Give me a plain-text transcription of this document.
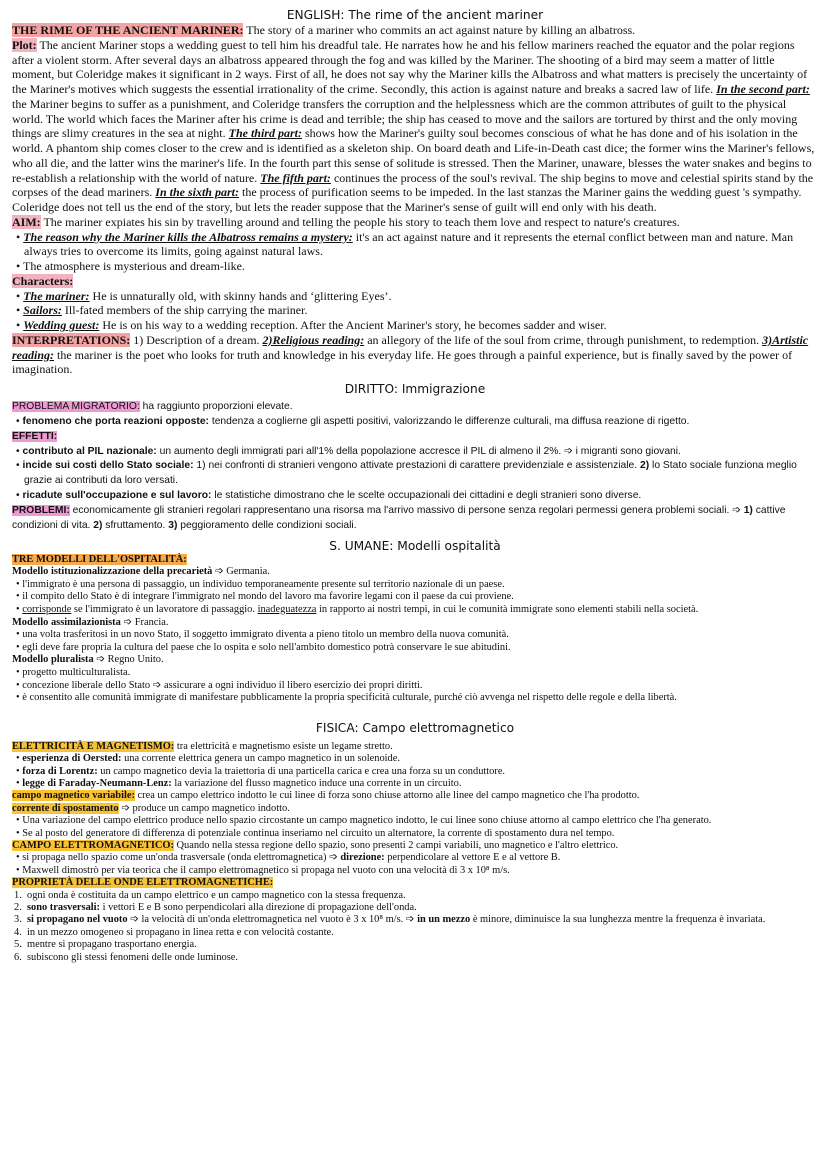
ENGLISH: The rime of the ancient mariner

THE RIME OF THE ANCIENT MARINER: The story of a mariner who commits an act against nature by killing an albatross.

Plot: The ancient Mariner stops a wedding guest to tell him his dreadful tale. He narrates how he and his fellow mariners reached the equator and the polar regions after a violent storm. After several days an albatross appeared through the fog and was killed by the Mariner. The shooting of a bird may seem a matter of little moment, but Coleridge makes it significant in 2 ways. First of all, he does not say why the Mariner kills the Albatross and what matters is precisely the uncertainty of the Mariner's motives which suggests the essential irrationality of the crime. Secondly, this action is against nature and breaks a sacred law of life. In the second part: the Mariner begins to suffer as a punishment, and Coleridge transfers the corruption and the helplessness which are the common attributes of guilt to the physical world. The world which faces the Mariner after his crime is dead and terrible; the ship has ceased to move and the sailors are tortured by thirst and the only moving things are slimy creatures in the sea at night. The third part: shows how the Mariner's guilty soul becomes conscious of what he has done and of his isolation in the world. A phantom ship comes closer to the crew and is identified as a skeleton ship. On board death and Life-in-Death cast dice; the former wins the Mariner's fellows, who all die, and the latter wins the mariner's life. In the fourth part this sense of solitude is stressed. Then the Mariner, unaware, blesses the water snakes and begins to re-establish a relationship with the world of nature. The fifth part: continues the process of the soul's revival. The ship begins to move and celestial spirits stand by the corpses of the dead mariners. In the sixth part: the process of purification seems to be impeded. In the last stanzas the Mariner gains the wedding guest 's sympathy. Coleridge does not tell us the end of the story, but lets the reader suppose that the Mariner's sense of guilt will end only with his death.

AIM: The mariner expiates his sin by travelling around and telling the people his story to teach them love and respect to nature's creatures.

• The reason why the Mariner kills the Albatross remains a mystery: it's an act against nature and it represents the eternal conflict between man and nature. Man always tries to overcome its limits, going against natural laws.

• The atmosphere is mysterious and dream-like.

Characters:

• The mariner: He is unnaturally old, with skinny hands and ‘glittering Eyes’.

• Sailors: Ill-fated members of the ship carrying the mariner.

• Wedding guest: He is on his way to a wedding reception. After the Ancient Mariner's story, he becomes sadder and wiser.

INTERPRETATIONS: 1) Description of a dream. 2)Religious reading: an allegory of the life of the soul from crime, through punishment, to redemption. 3)Artistic reading: the mariner is the poet who looks for truth and knowledge in his everyday life. He goes through a painful experience, but is finally saved by the power of imagination.

DIRITTO: Immigrazione

PROBLEMA MIGRATORIO: ha raggiunto proporzioni elevate.

• fenomeno che porta reazioni opposte: tendenza a coglierne gli aspetti positivi, valorizzando le differenze culturali, ma diffusa reazione di rigetto.

EFFETTI:

• contributo al PIL nazionale: un aumento degli immigrati pari all'1% della popolazione accresce il PIL di almeno il 2%. ➩ i migranti sono giovani.

• incide sui costi dello Stato sociale: 1) nei confronti di stranieri vengono attivate prestazioni di carattere previdenziale e assistenziale. 2) lo Stato sociale funziona meglio grazie ai contributi da loro versati.

• ricadute sull'occupazione e sul lavoro: le statistiche dimostrano che le scelte occupazionali dei cittadini e degli stranieri sono diverse.

PROBLEMI: economicamente gli stranieri regolari rappresentano una risorsa ma l'arrivo massivo di persone senza regolari permessi genera problemi sociali. ➩ 1) cattive condizioni di vita. 2) sfruttamento. 3) peggioramento delle condizioni sociali.

S. UMANE: Modelli ospitalità

TRE MODELLI DELL'OSPITALITÀ:

Modello istituzionalizzazione della precarietà ➩ Germania.

• l'immigrato è una persona di passaggio, un individuo temporaneamente presente sul territorio nazionale di un paese.

• il compito dello Stato è di integrare l'immigrato nel mondo del lavoro ma favorire legami con il paese da cui proviene.

• corrisponde se l'immigrato è un lavoratore di passaggio. inadeguatezza in rapporto ai nostri tempi, in cui le comunità immigrate sono elementi stabili nella società.

Modello assimilazionista ➩ Francia.

• una volta trasferitosi in un novo Stato, il soggetto immigrato diventa a pieno titolo un membro della nuova comunità.

• egli deve fare propria la cultura del paese che lo ospita e solo nell'ambito domestico potrà conservare le sue abitudini.

Modello pluralista ➩ Regno Unito.

• progetto multiculturalista.

• concezione liberale dello Stato ➩ assicurare a ogni individuo il libero esercizio dei propri diritti.

• è consentito alle comunità immigrate di manifestare pubblicamente la propria specificità culturale, purché ciò avvenga nel rispetto delle regole e della libertà.

FISICA: Campo elettromagnetico

ELETTRICITÀ E MAGNETISMO: tra elettricità e magnetismo esiste un legame stretto.

• esperienza di Oersted: una corrente elettrica genera un campo magnetico in un solenoide.

• forza di Lorentz: un campo magnetico devia la traiettoria di una particella carica e crea una forza su un conduttore.

• legge di Faraday-Neumann-Lenz: la variazione del flusso magnetico induce una corrente in un circuito.

campo magnetico variabile: crea un campo elettrico indotto le cui linee di forza sono chiuse attorno alle linee del campo magnetico che l'ha prodotto.

corrente di spostamento ➩ produce un campo magnetico indotto.

• Una variazione del campo elettrico produce nello spazio circostante un campo magnetico indotto, le cui linee sono chiuse attorno al campo elettrico che l'ha generato.

• Se al posto del generatore di differenza di potenziale continua inseriamo nel circuito un alternatore, la corrente di spostamento dura nel tempo.

CAMPO ELETTROMAGNETICO: Quando nella stessa regione dello spazio, sono presenti 2 campi variabili, uno magnetico e l'altro elettrico.

• si propaga nello spazio come un'onda trasversale (onda elettromagnetica) ➩ direzione: perpendicolare al vettore E e al vettore B.

• Maxwell dimostrò per via teorica che il campo elettromagnetico si propaga nel vuoto con una velocità di 3 x 10⁸ m/s.

PROPRIETÀ DELLE ONDE ELETTROMAGNETICHE:

1.  ogni onda è costituita da un campo elettrico e un campo magnetico con la stessa frequenza.

2.  sono trasversali: i vettori E e B sono perpendicolari alla direzione di propagazione dell'onda.

3.  si propagano nel vuoto ➩ la velocità di un'onda elettromagnetica nel vuoto è 3 x 10⁸ m/s. ➩ in un mezzo è minore, diminuisce la sua lunghezza mentre la frequenza è invariata.

4.  in un mezzo omogeneo si propagano in linea retta e con velocità costante.

5.  mentre si propagano trasportano energia.

6.  subiscono gli stessi fenomeni delle onde luminose.
